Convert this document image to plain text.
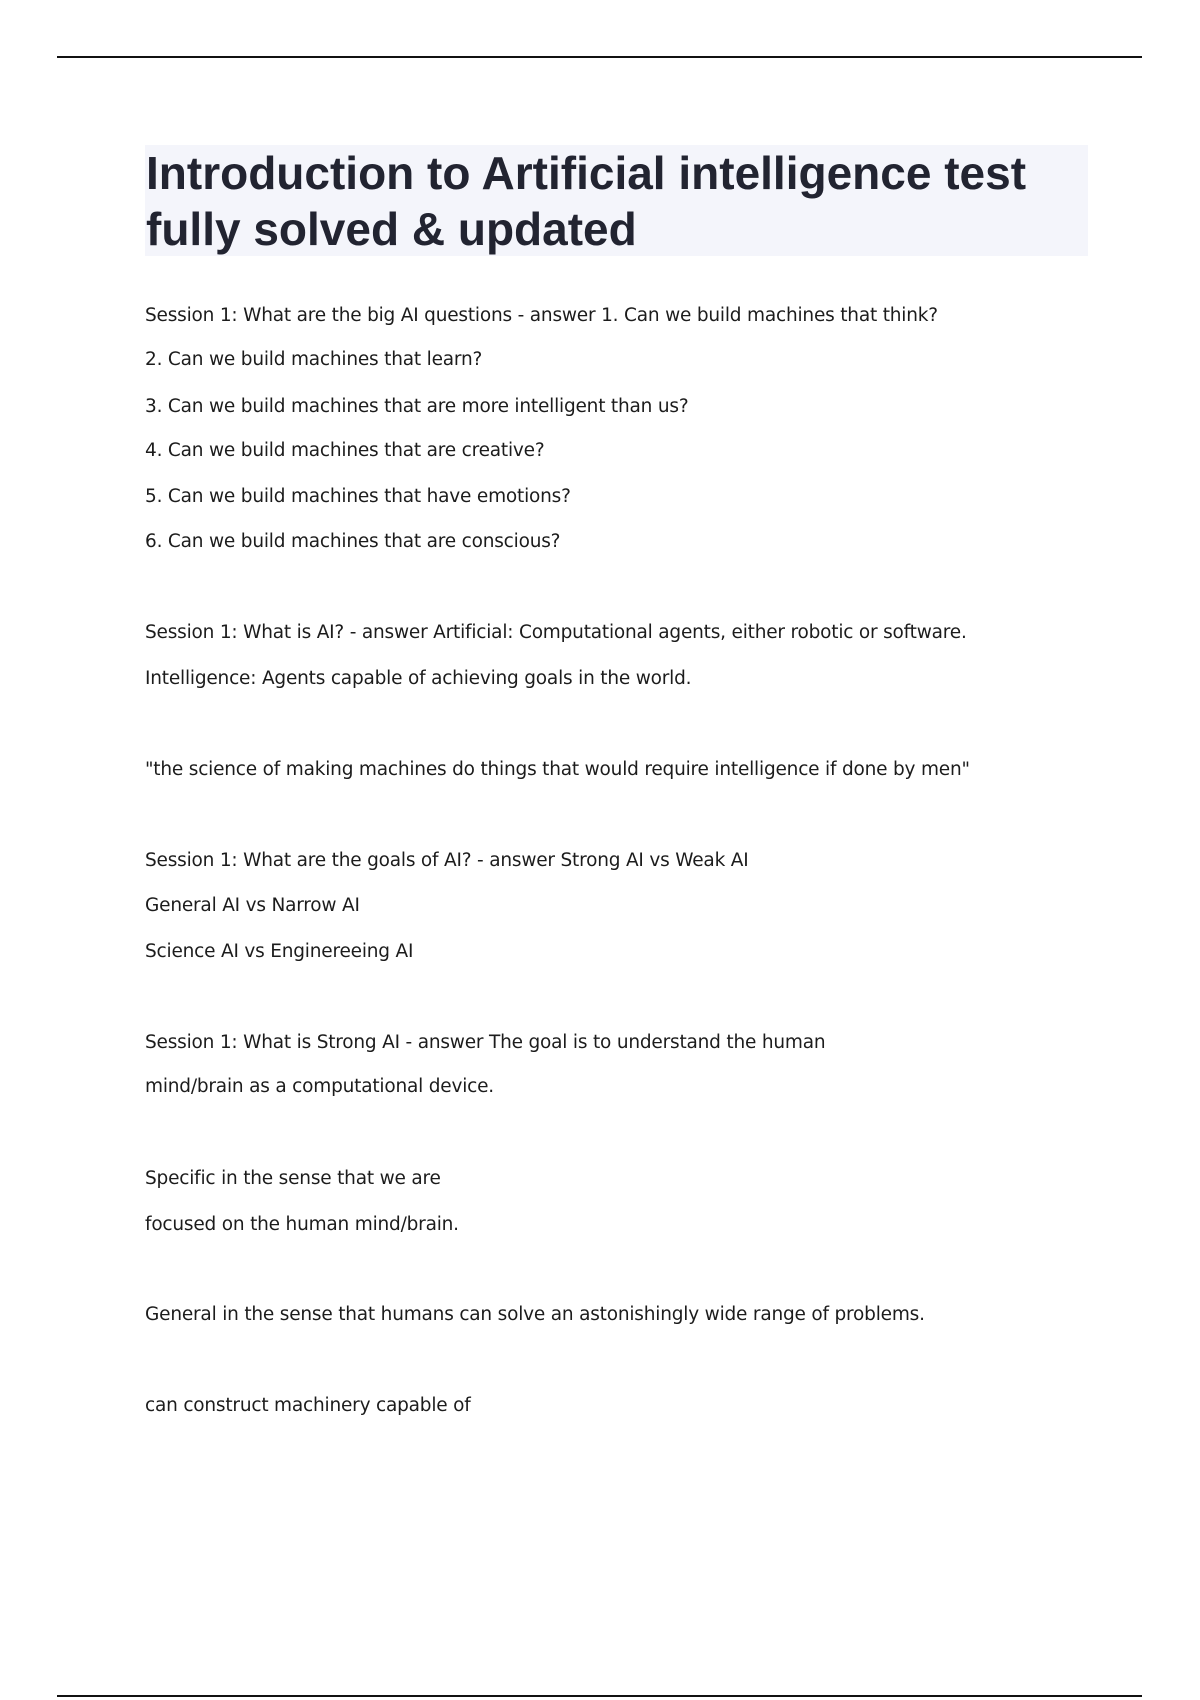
Introduction to Artificial intelligence test
fully solved & updated

Session 1: What are the big AI questions - answer 1. Can we build machines that think?

2. Can we build machines that learn?

3. Can we build machines that are more intelligent than us?

4. Can we build machines that are creative?

5. Can we build machines that have emotions?

6. Can we build machines that are conscious?

Session 1: What is AI? - answer Artificial: Computational agents, either robotic or software.

Intelligence: Agents capable of achieving goals in the world.

"the science of making machines do things that would require intelligence if done by men"

Session 1: What are the goals of AI? - answer Strong AI vs Weak AI

General AI vs Narrow AI

Science AI vs Enginereeing AI

Session 1: What is Strong AI - answer The goal is to understand the human

mind/brain as a computational device.

Specific in the sense that we are

focused on the human mind/brain.

General in the sense that humans can solve an astonishingly wide range of problems.

can construct machinery capable of
